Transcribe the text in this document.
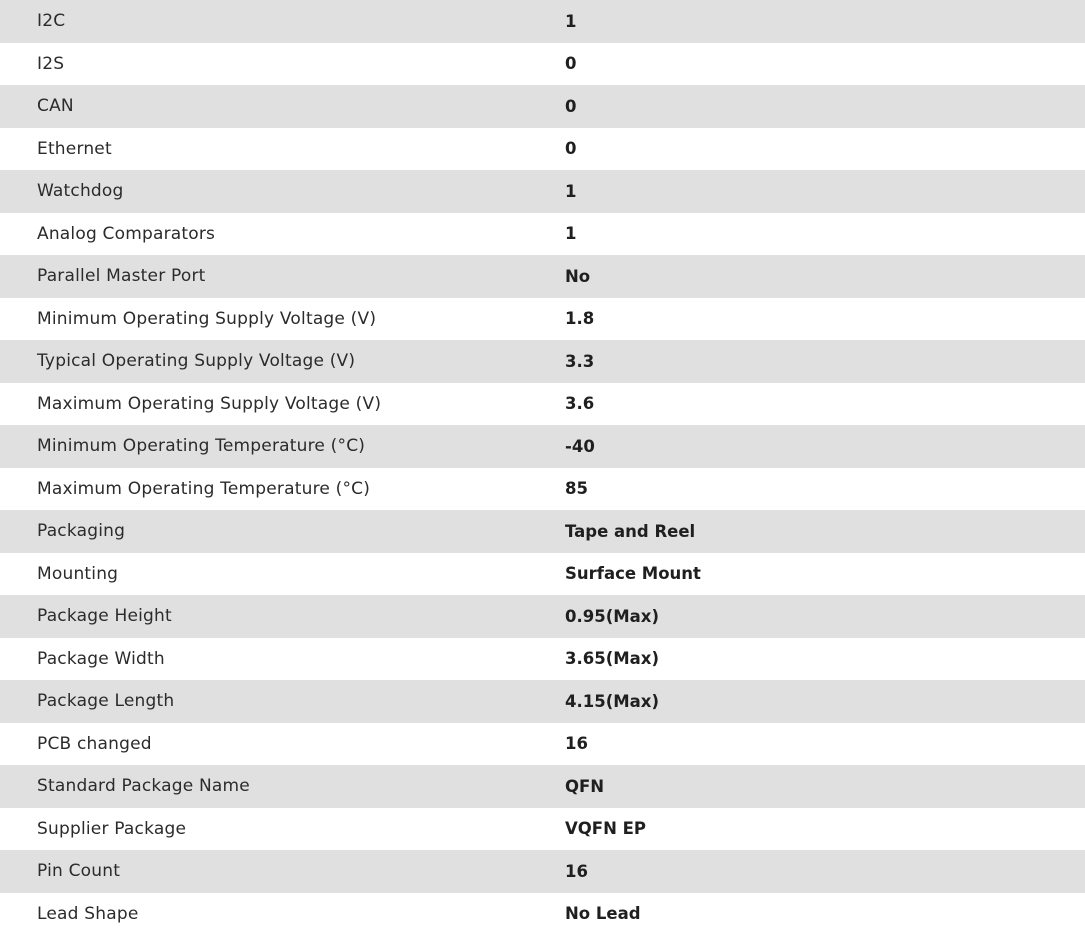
I2C	1
I2S	0
CAN	0
Ethernet	0
Watchdog	1
Analog Comparators	1
Parallel Master Port	No
Minimum Operating Supply Voltage (V)	1.8
Typical Operating Supply Voltage (V)	3.3
Maximum Operating Supply Voltage (V)	3.6
Minimum Operating Temperature (°C)	-40
Maximum Operating Temperature (°C)	85
Packaging	Tape and Reel
Mounting	Surface Mount
Package Height	0.95(Max)
Package Width	3.65(Max)
Package Length	4.15(Max)
PCB changed	16
Standard Package Name	QFN
Supplier Package	VQFN EP
Pin Count	16
Lead Shape	No Lead
